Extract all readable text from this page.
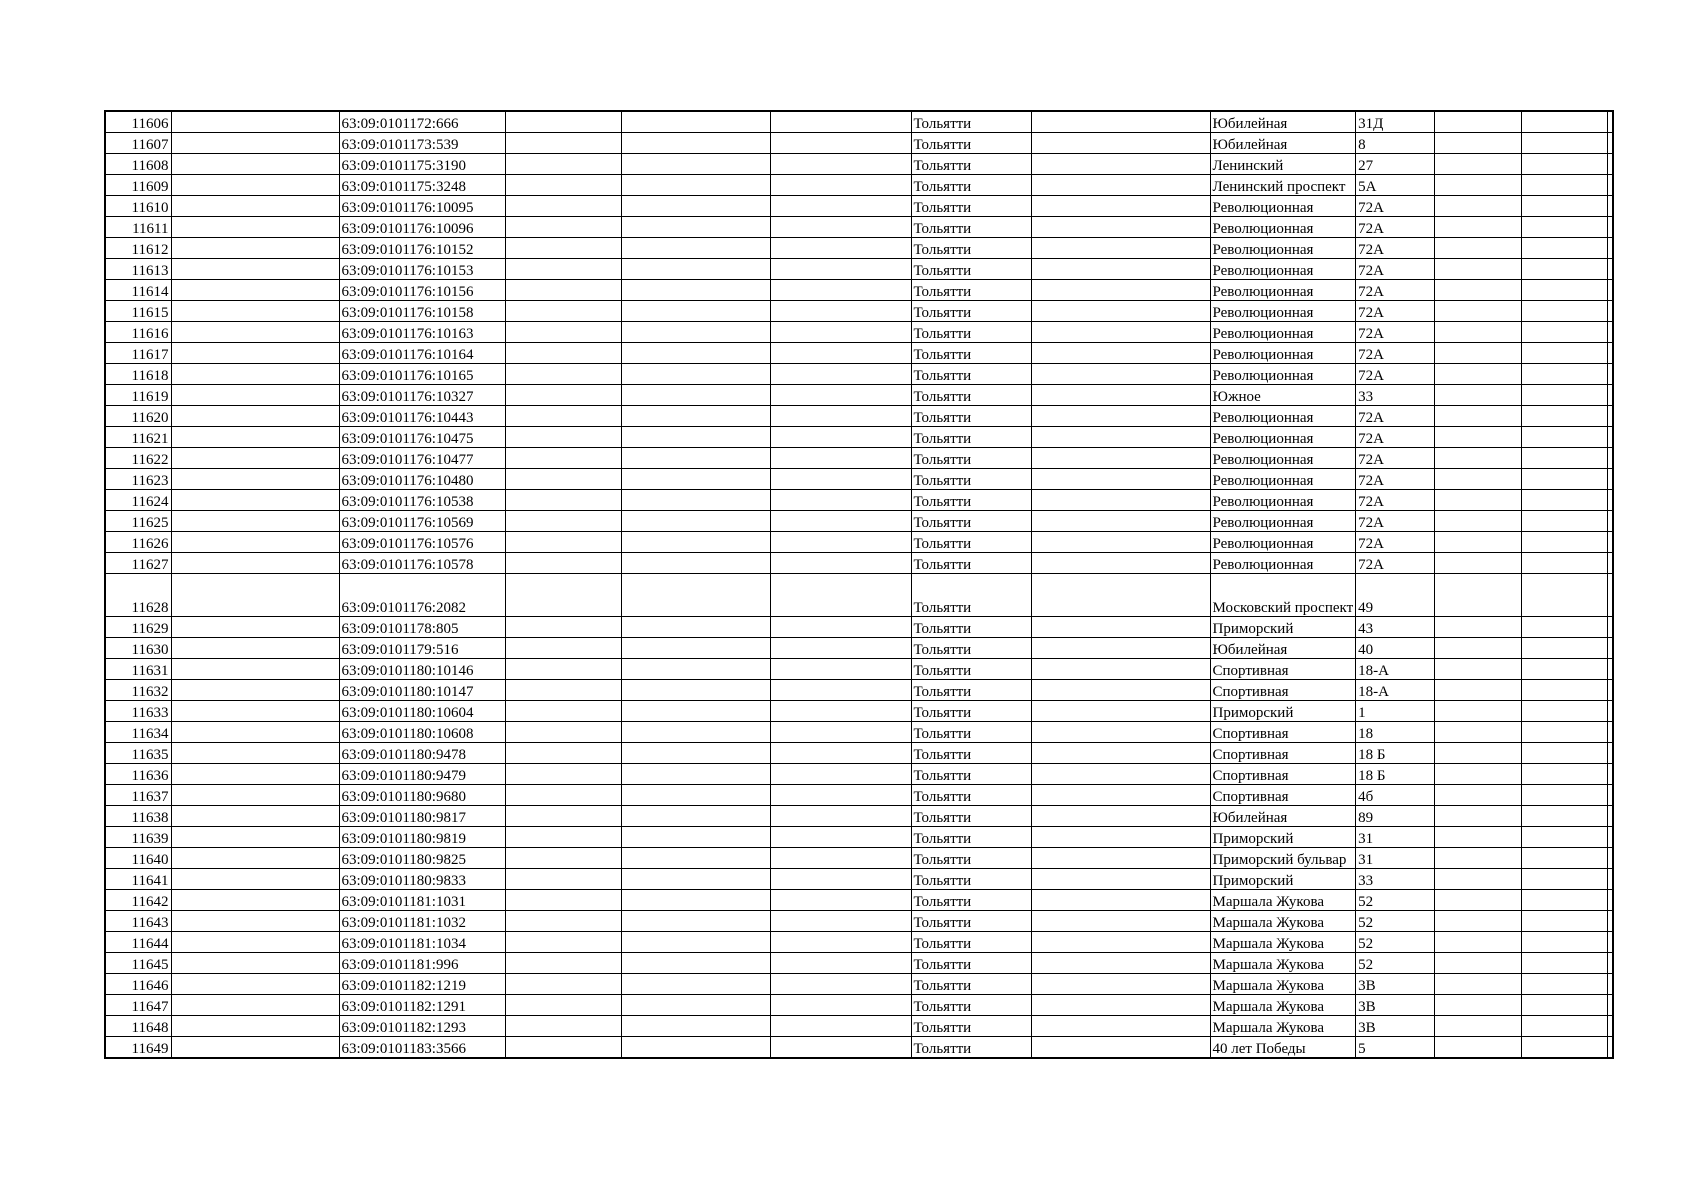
11606		63:09:0101172:666				Тольятти		Юбилейная	31Д			
11607		63:09:0101173:539				Тольятти		Юбилейная	8			
11608		63:09:0101175:3190				Тольятти		Ленинский	27			
11609		63:09:0101175:3248				Тольятти		Ленинский проспект	5А			
11610		63:09:0101176:10095				Тольятти		Революционная	72А			
11611		63:09:0101176:10096				Тольятти		Революционная	72А			
11612		63:09:0101176:10152				Тольятти		Революционная	72А			
11613		63:09:0101176:10153				Тольятти		Революционная	72А			
11614		63:09:0101176:10156				Тольятти		Революционная	72А			
11615		63:09:0101176:10158				Тольятти		Революционная	72А			
11616		63:09:0101176:10163				Тольятти		Революционная	72А			
11617		63:09:0101176:10164				Тольятти		Революционная	72А			
11618		63:09:0101176:10165				Тольятти		Революционная	72А			
11619		63:09:0101176:10327				Тольятти		Южное	33			
11620		63:09:0101176:10443				Тольятти		Революционная	72А			
11621		63:09:0101176:10475				Тольятти		Революционная	72А			
11622		63:09:0101176:10477				Тольятти		Революционная	72А			
11623		63:09:0101176:10480				Тольятти		Революционная	72А			
11624		63:09:0101176:10538				Тольятти		Революционная	72А			
11625		63:09:0101176:10569				Тольятти		Революционная	72А			
11626		63:09:0101176:10576				Тольятти		Революционная	72А			
11627		63:09:0101176:10578				Тольятти		Революционная	72А			
11628		63:09:0101176:2082				Тольятти		Московский проспект	49			
11629		63:09:0101178:805				Тольятти		Приморский	43			
11630		63:09:0101179:516				Тольятти		Юбилейная	40			
11631		63:09:0101180:10146				Тольятти		Спортивная	18-А			
11632		63:09:0101180:10147				Тольятти		Спортивная	18-А			
11633		63:09:0101180:10604				Тольятти		Приморский	1			
11634		63:09:0101180:10608				Тольятти		Спортивная	18			
11635		63:09:0101180:9478				Тольятти		Спортивная	18 Б			
11636		63:09:0101180:9479				Тольятти		Спортивная	18 Б			
11637		63:09:0101180:9680				Тольятти		Спортивная	4б			
11638		63:09:0101180:9817				Тольятти		Юбилейная	89			
11639		63:09:0101180:9819				Тольятти		Приморский	31			
11640		63:09:0101180:9825				Тольятти		Приморский бульвар	31			
11641		63:09:0101180:9833				Тольятти		Приморский	33			
11642		63:09:0101181:1031				Тольятти		Маршала Жукова	52			
11643		63:09:0101181:1032				Тольятти		Маршала Жукова	52			
11644		63:09:0101181:1034				Тольятти		Маршала Жукова	52			
11645		63:09:0101181:996				Тольятти		Маршала Жукова	52			
11646		63:09:0101182:1219				Тольятти		Маршала Жукова	3В			
11647		63:09:0101182:1291				Тольятти		Маршала Жукова	3В			
11648		63:09:0101182:1293				Тольятти		Маршала Жукова	3В			
11649		63:09:0101183:3566				Тольятти		40 лет Победы	5			
